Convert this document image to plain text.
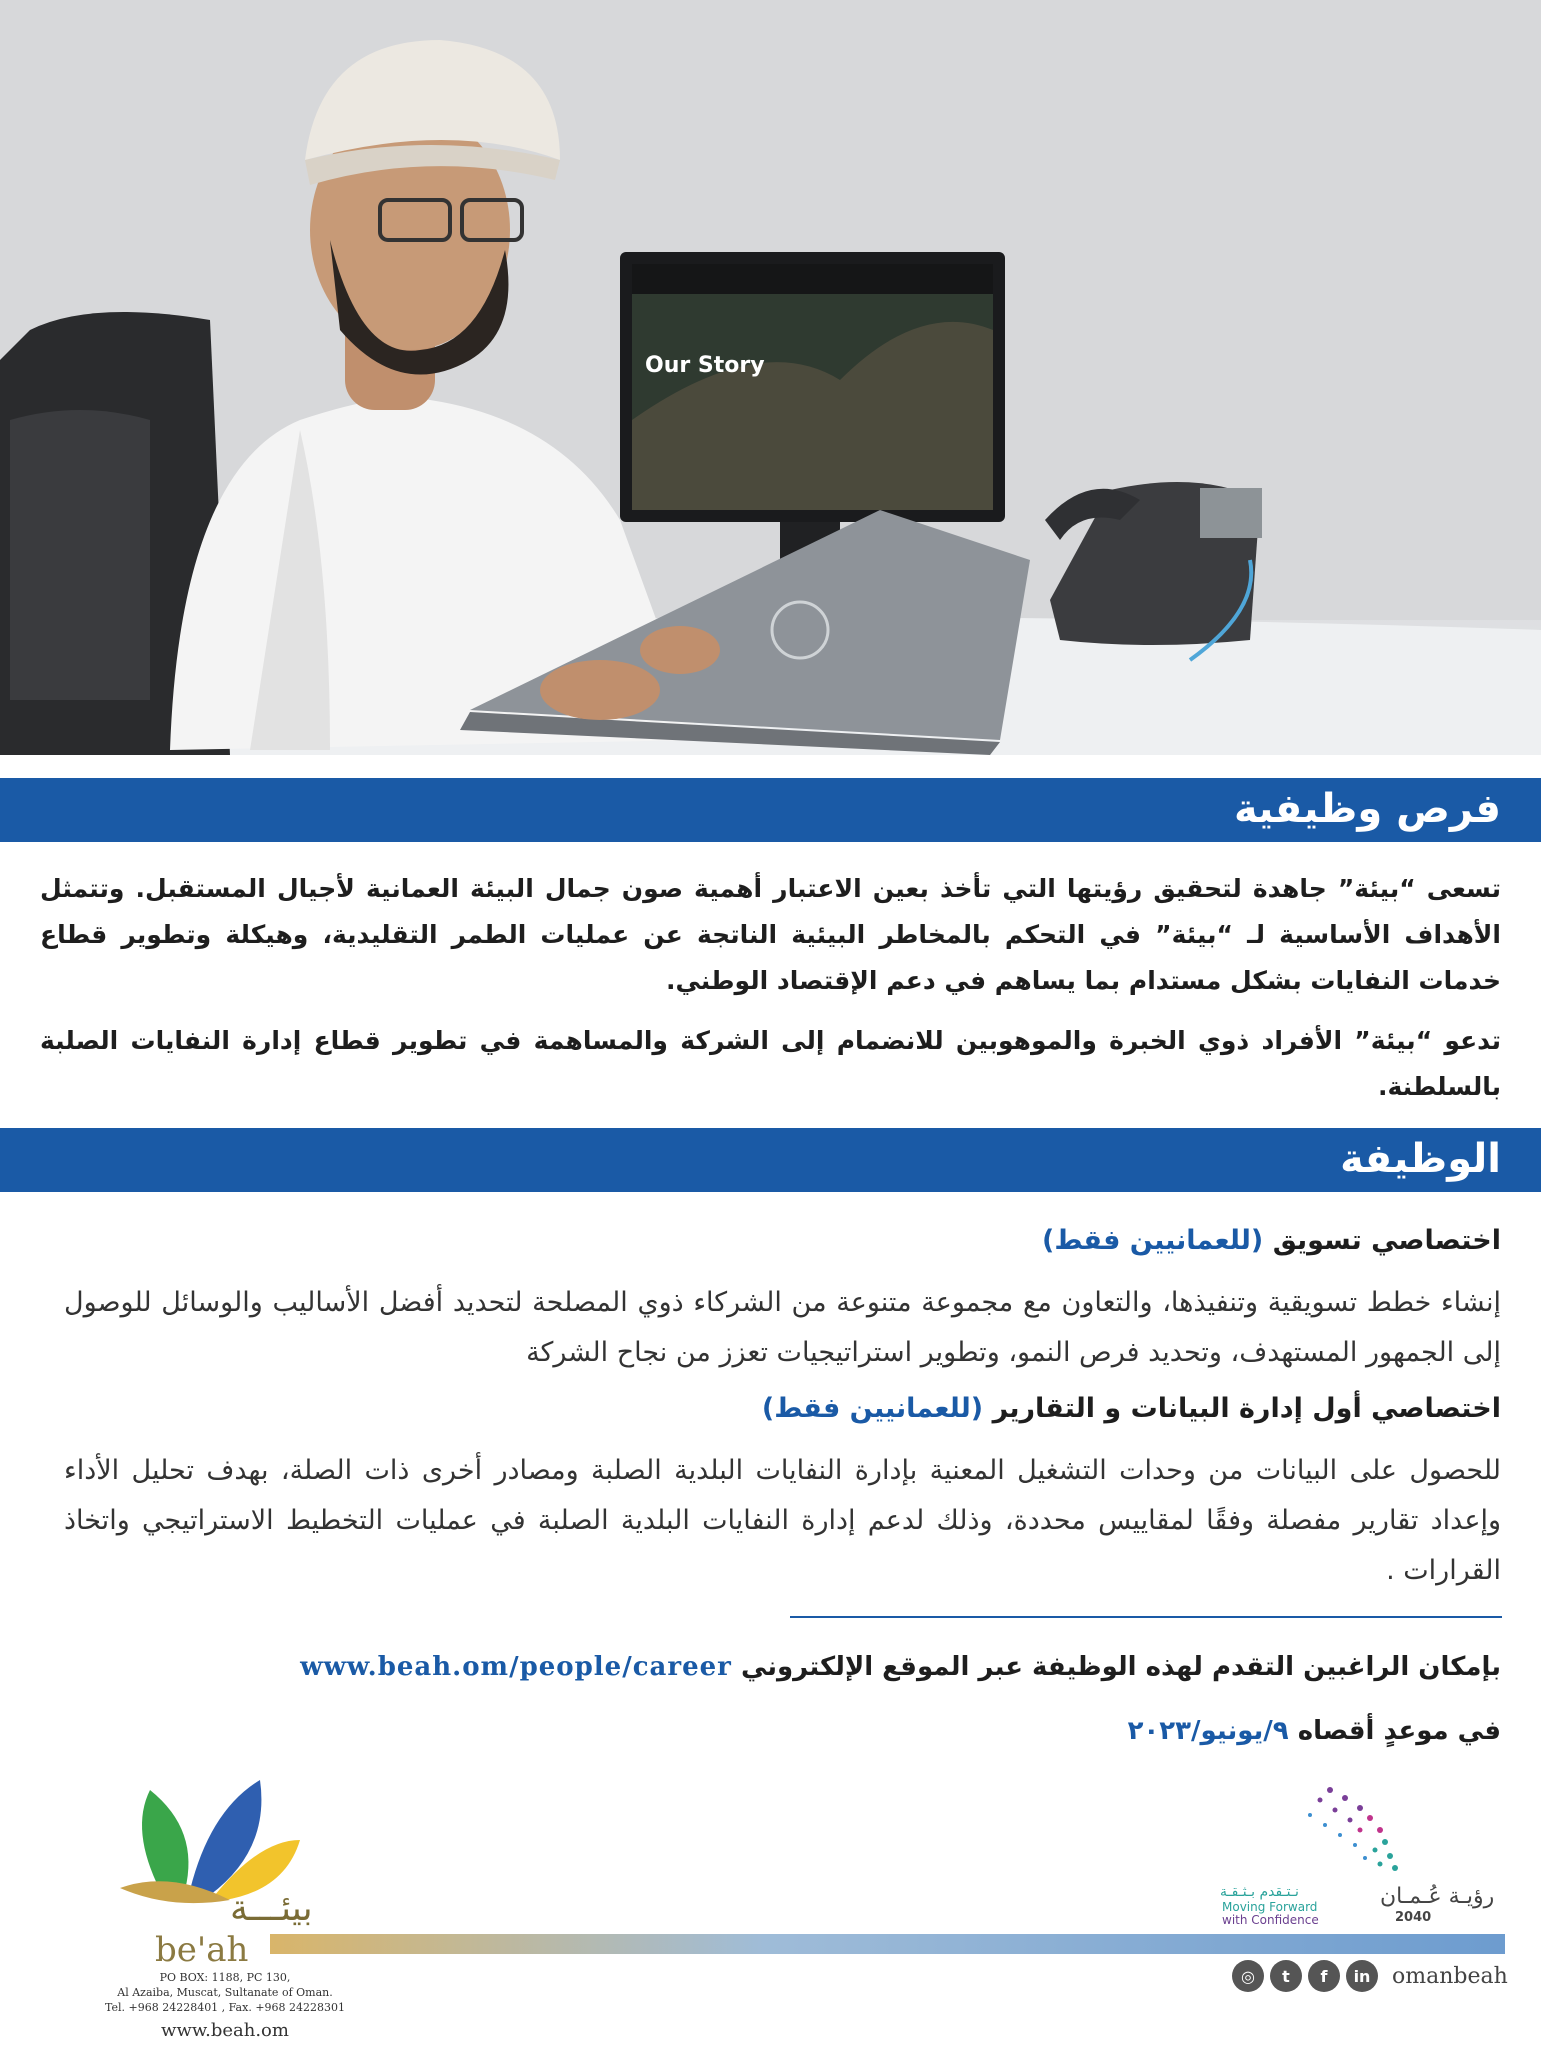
Our Story
فرص وظيفية

تسعى “بيئة” جاهدة لتحقيق رؤيتها التي تأخذ بعين الاعتبار أهمية صون جمال البيئة العمانية لأجيال المستقبل. وتتمثل الأهداف الأساسية لـ “بيئة” في التحكم بالمخاطر البيئية الناتجة عن عمليات الطمر التقليدية، وهيكلة وتطوير قطاع خدمات النفايات بشكل مستدام بما يساهم في دعم الإقتصاد الوطني.

تدعو “بيئة” الأفراد ذوي الخبرة والموهوبين للانضمام إلى الشركة والمساهمة في تطوير قطاع إدارة النفايات الصلبة بالسلطنة.

الوظيفة

اختصاصي تسويق (للعمانيين فقط)

إنشاء خطط تسويقية وتنفيذها، والتعاون مع مجموعة متنوعة من الشركاء ذوي المصلحة لتحديد أفضل الأساليب والوسائل للوصول إلى الجمهور المستهدف، وتحديد فرص النمو، وتطوير استراتيجيات تعزز من نجاح الشركة

اختصاصي أول إدارة البيانات و التقارير (للعمانيين فقط)

للحصول على البيانات من وحدات التشغيل المعنية بإدارة النفايات البلدية الصلبة ومصادر أخرى ذات الصلة، بهدف تحليل الأداء وإعداد تقارير مفصلة وفقًا لمقاييس محددة، وذلك لدعم إدارة النفايات البلدية الصلبة في عمليات التخطيط الاستراتيجي واتخاذ القرارات .

بإمكان الراغبين التقدم لهذه الوظيفة عبر الموقع الإلكتروني www.beah.om/people/career

في موعدٍ أقصاه ٩/يونيو/٢٠٢٣

بيئـــة
be'ah
PO BOX: 1188, PC 130,
Al Azaiba, Muscat, Sultanate of Oman.
Tel. +968 24228401 , Fax. +968 24228301
www.beah.om
رؤيـة عُـمـان
2040
نـتـقدم بـثـقـة
Moving Forward
with Confidence
◎	t	f	in omanbeah
